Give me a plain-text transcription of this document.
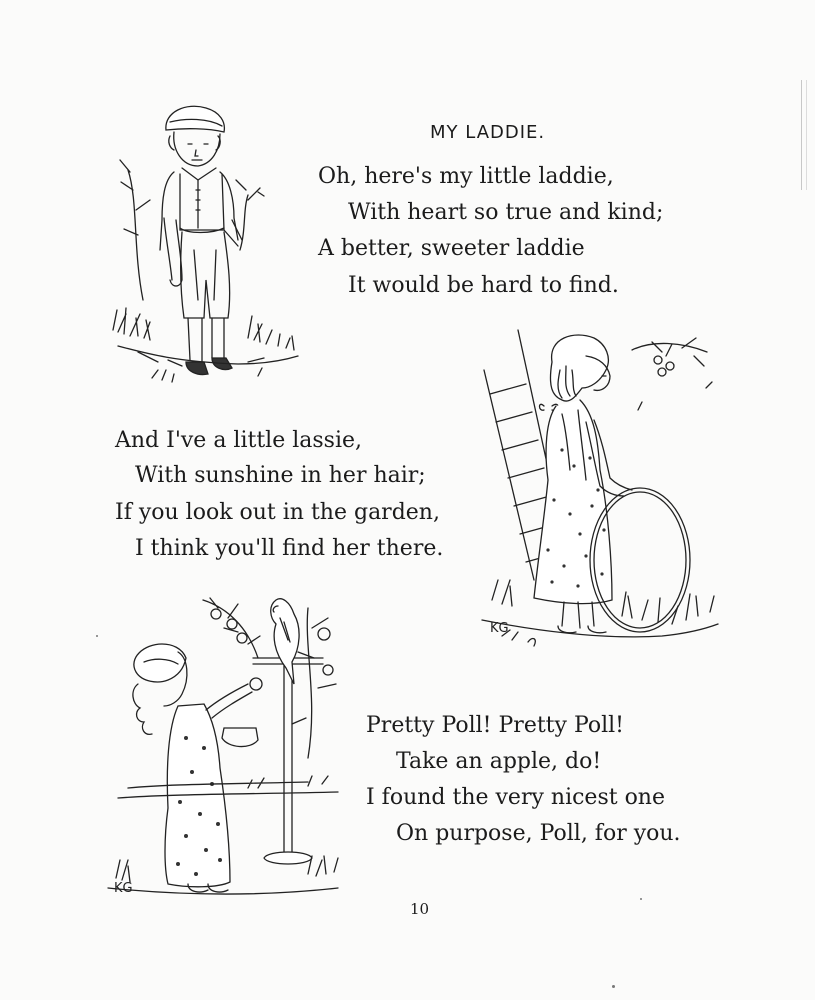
MY LADDIE.
Oh, here's my little laddie,
With heart so true and kind;
A better, sweeter laddie
It would be hard to find.
And I've a little lassie,
With sunshine in her hair;
If you look out in the garden,
I think you'll find her there.
Pretty Poll! Pretty Poll!
Take an apple, do!
I found the very nicest one
On purpose, Poll, for you.
KG
KG
10
